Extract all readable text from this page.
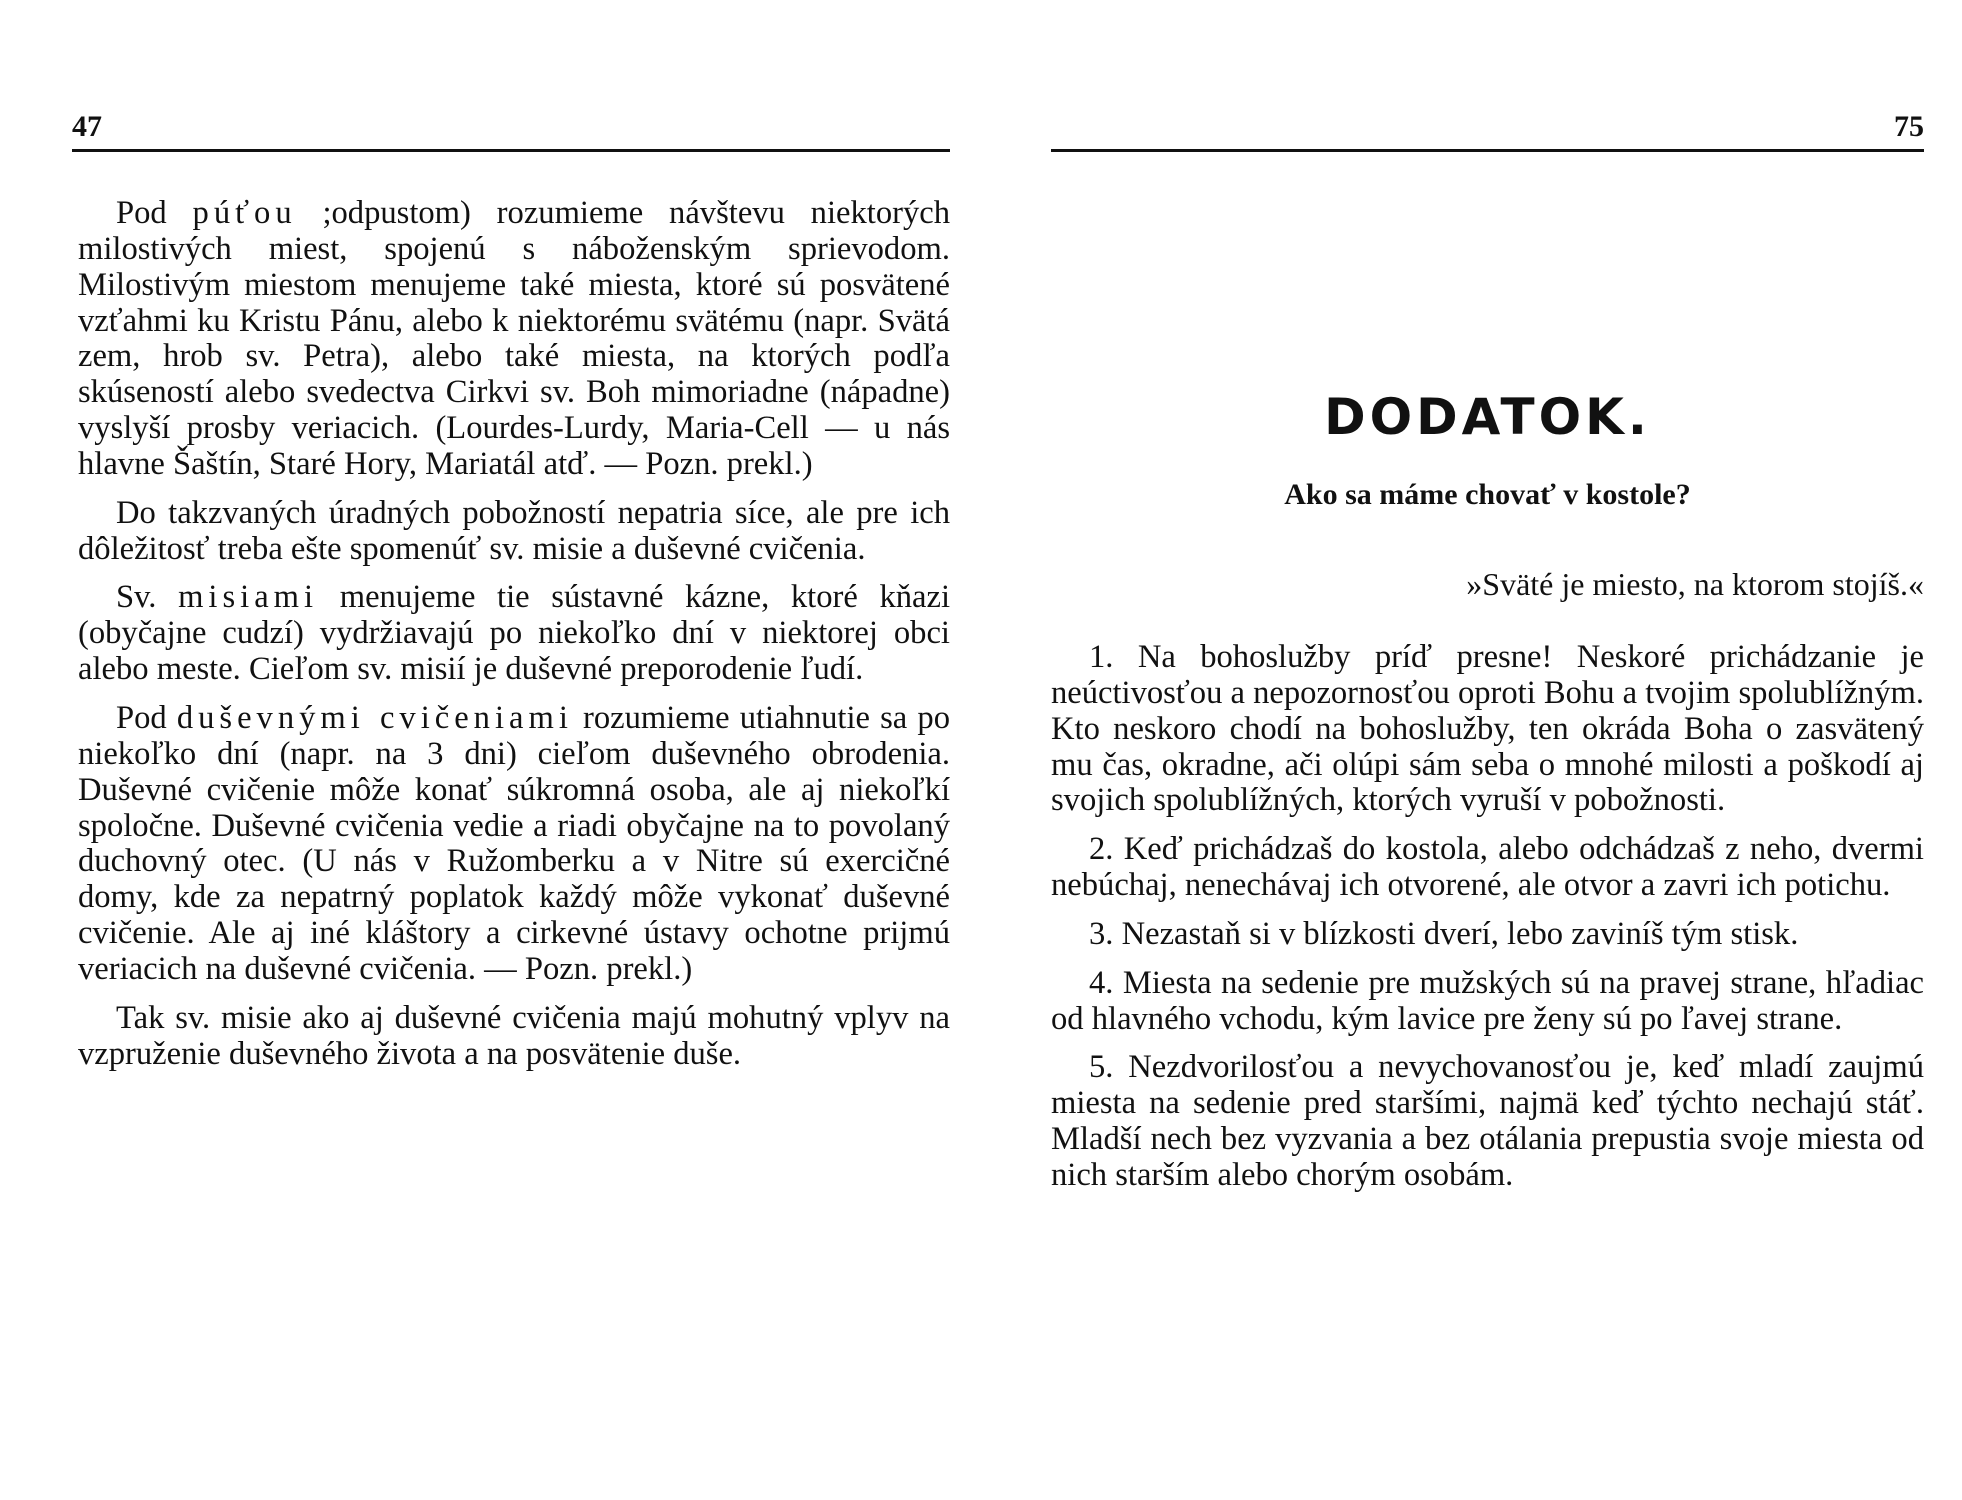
47

Pod púťou ;odpustom) rozumieme návštevu niektorých milostivých miest, spojenú s náboženským sprievodom. Milostivým miestom menujeme také miesta, ktoré sú posvätené vzťahmi ku Kristu Pánu, alebo k niektorému svätému (napr. Svätá zem, hrob sv. Petra), alebo také miesta, na ktorých podľa skúseností alebo svedectva Cirkvi sv. Boh mimoriadne (nápadne) vyslyší prosby veriacich. (Lourdes-Lurdy, Maria-Cell — u nás hlavne Šaštín, Staré Hory, Mariatál atď. — Pozn. prekl.)

Do takzvaných úradných pobožností nepatria síce, ale pre ich dôležitosť treba ešte spomenúť sv. misie a duševné cvičenia.

Sv. misiami menujeme tie sústavné kázne, ktoré kňazi (obyčajne cudzí) vydržiavajú po niekoľko dní v niektorej obci alebo meste. Cieľom sv. misií je duševné preporodenie ľudí.

Pod duševnými cvičeniami rozumieme utiahnutie sa po niekoľko dní (napr. na 3 dni) cieľom duševného obrodenia. Duševné cvičenie môže konať súkromná osoba, ale aj niekoľkí spoločne. Duševné cvičenia vedie a riadi obyčajne na to povolaný duchovný otec. (U nás v Ružomberku a v Nitre sú exercičné domy, kde za nepatrný poplatok každý môže vykonať duševné cvičenie. Ale aj iné kláštory a cirkevné ústavy ochotne prijmú veriacich na duševné cvičenia. — Pozn. prekl.)

Tak sv. misie ako aj duševné cvičenia majú mohutný vplyv na vzpruženie duševného života a na posvätenie duše.

75
DODATOK.
Ako sa máme chovať v kostole?
»Sväté je miesto, na ktorom stojíš.«

1. Na bohoslužby príď presne! Neskoré prichádzanie je neúctivosťou a nepozornosťou oproti Bohu a tvojim spolublížným. Kto neskoro chodí na bohoslužby, ten okráda Boha o zasvätený mu čas, okradne, ači olúpi sám seba o mnohé milosti a poškodí aj svojich spolublížných, ktorých vyruší v pobožnosti.

2. Keď prichádzaš do kostola, alebo odchádzaš z neho, dvermi nebúchaj, nenechávaj ich otvorené, ale otvor a zavri ich potichu.

3. Nezastaň si v blízkosti dverí, lebo zaviníš tým stisk.

4. Miesta na sedenie pre mužských sú na pravej strane, hľadiac od hlavného vchodu, kým lavice pre ženy sú po ľavej strane.

5. Nezdvorilosťou a nevychovanosťou je, keď mladí zaujmú miesta na sedenie pred staršími, najmä keď týchto nechajú stáť. Mladší nech bez vyzvania a bez otálania prepustia svoje miesta od nich starším alebo chorým osobám.
